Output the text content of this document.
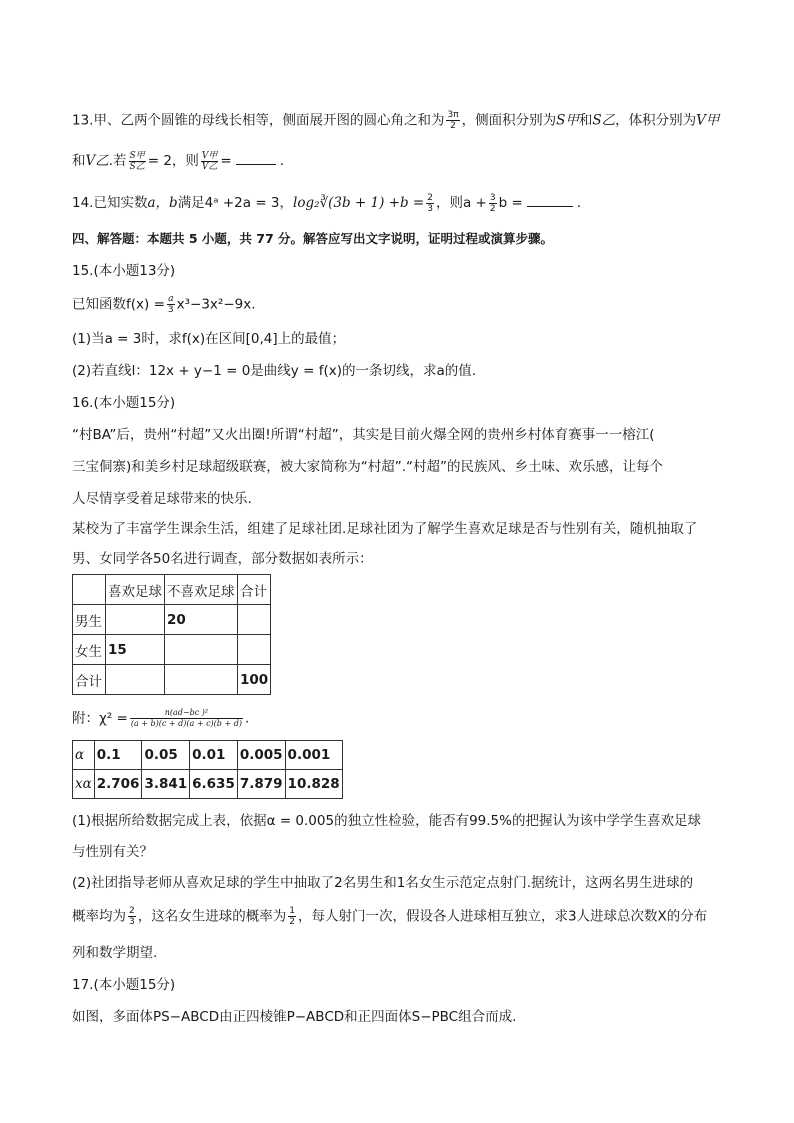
13.甲、乙两个圆锥的母线长相等，侧面展开图的圆心角之和为 $\frac{3\pi}{2}$ ，侧面积分别为S甲和S乙，体积分别为V甲
和V乙.若 $\frac{\text{S甲}}{\text{S乙}} = 2$，则 $\frac{\text{V甲}}{\text{V乙}}$ =	.
14.已知实数a，b满足4ᵃ +2a = 3，log₂∛(3b + $1) +b = \frac{2}{3}$ ，则$a + \frac{3}{2}$ b =	.
四、解答题：本题共 5 小题，共 77 分。解答应写出文字说明，证明过程或演算步骤。
15.(本小题13分)
已知函数$f(x) = \frac{a}{3} x^3-3x^2-9x$.
(1)当a = 3时，求f(x)在区间[0,4]上的最值；
(2)若直线l：12x + y−1 = 0是曲线y = f(x)的一条切线，求a的值.
16.(本小题15分)
“村BA”后，贵州“村超”又火出圈!所谓“村超”，其实是目前火爆全网的贵州乡村体育赛事一一榕江(
三宝侗寨)和美乡村足球超级联赛，被大家简称为“村超”.“村超”的民族风、乡土味、欢乐感，让每个
人尽情享受着足球带来的快乐.
某校为了丰富学生课余生活，组建了足球社团.足球社团为了解学生喜欢足球是否与性别有关，随机抽取了
男、女同学各50名进行调查，部分数据如表所示：
	喜欢足球	不喜欢足球	合计
男生		20	
女生	15		
合计			100
附：$\chi^2 = \frac{\text{n(ad−bc )²}}{(a + b)(c + d)(a + c)(b + d)}$ .
α	0.1	0.05	0.01	0.005	0.001
xα	2.706	3.841	6.635	7.879	10.828
(1)根据所给数据完成上表，依据α = 0.005的独立性检验，能否有99.5%的把握认为该中学学生喜欢足球
与性别有关？
(2)社团指导老师从喜欢足球的学生中抽取了2名男生和1名女生示范定点射门.据统计，这两名男生进球的
概率均为 $\frac{2}{3}$ ，这名女生进球的概率为 $\frac{1}{2}$ ，每人射门一次，假设各人进球相互独立，求3人进球总次数X的分布
列和数学期望.
17.(本小题15分)
如图，多面体PS−ABCD由正四棱锥P−ABCD和正四面体S−PBC组合而成.
